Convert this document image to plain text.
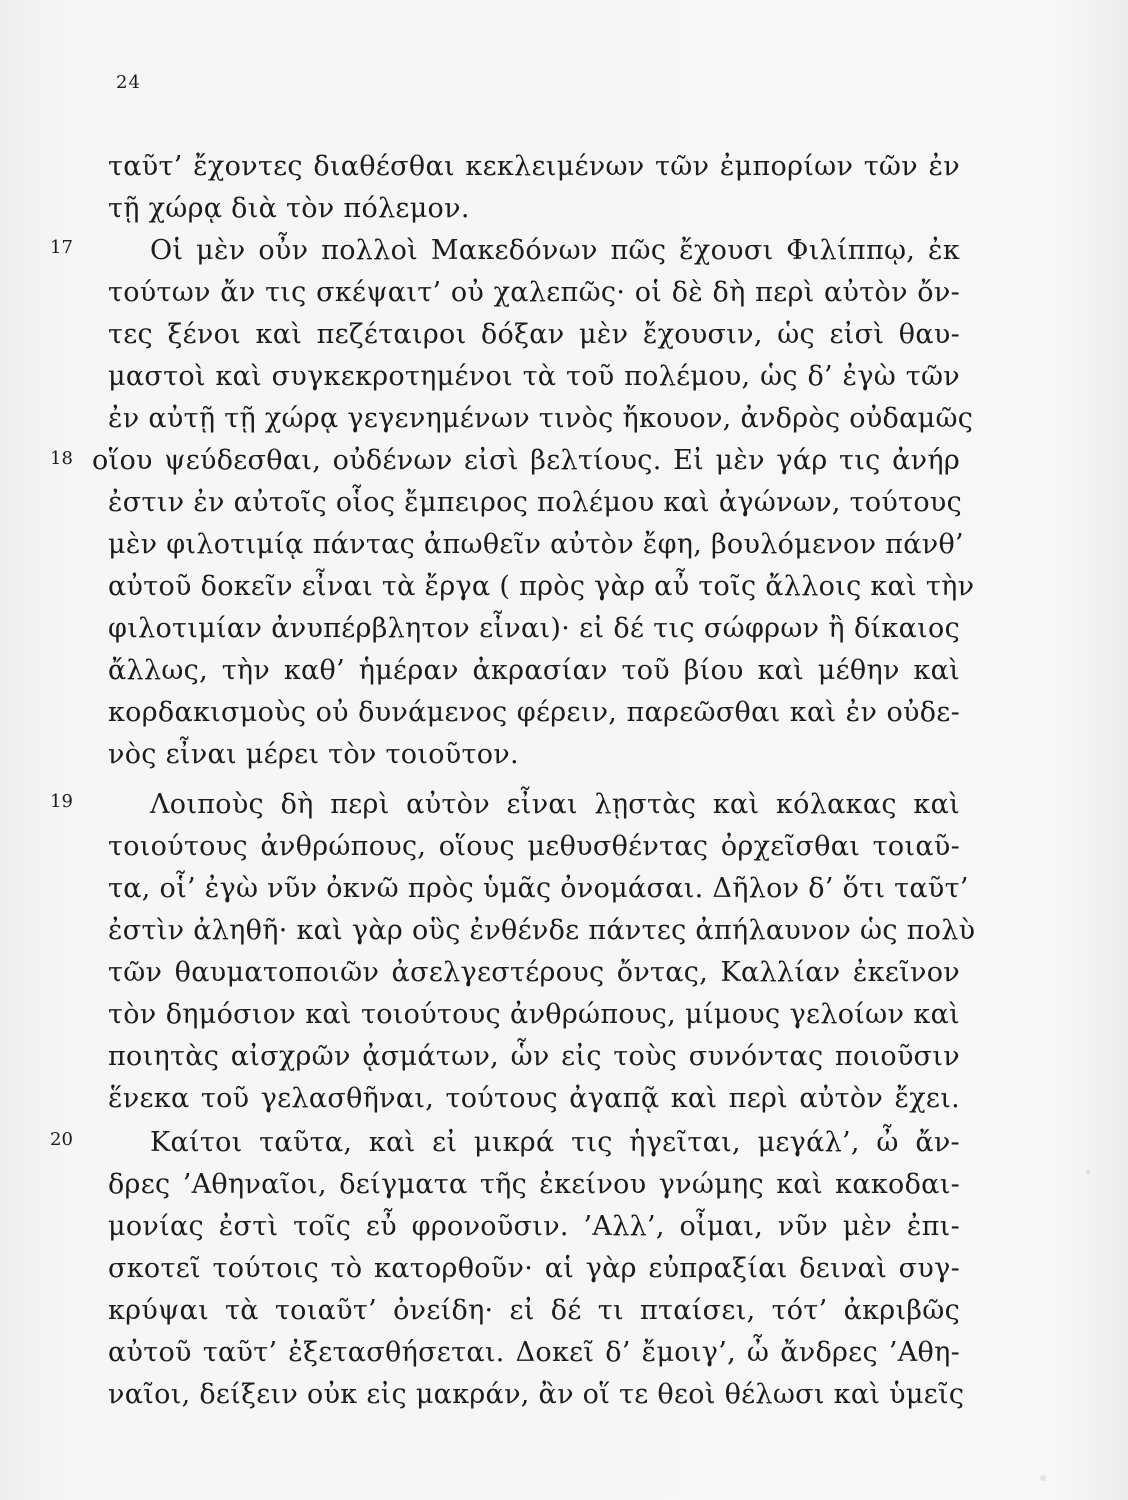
24
ταῦτ’ ἔχοντες διαθέσθαι κεκλειμένων τῶν ἐμπορίων τῶν ἐν
τῇ χώρᾳ διὰ τὸν πόλεμον.
17	Οἱ μὲν οὖν πολλοὶ Μακεδόνων πῶς ἔχουσι Φιλίππῳ, ἐκ
τούτων ἄν τις σκέψαιτ’ οὐ χαλεπῶς· οἱ δὲ δὴ περὶ αὐτὸν ὄν-
τες ξένοι καὶ πεζέταιροι δόξαν μὲν ἔχουσιν, ὡς εἰσὶ θαυ-
μαστοὶ καὶ συγκεκροτημένοι τὰ τοῦ πολέμου, ὡς δ’ ἐγὼ τῶν
ἐν αὐτῇ τῇ χώρᾳ γεγενημένων τινὸς ἤκουον, ἀνδρὸς οὐδαμῶς
18 οἵου ψεύδεσθαι, οὐδένων εἰσὶ βελτίους. Εἰ μὲν γάρ τις ἀνήρ
ἐστιν ἐν αὐτοῖς οἷος ἔμπειρος πολέμου καὶ ἀγώνων, τούτους
μὲν φιλοτιμίᾳ πάντας ἀπωθεῖν αὐτὸν ἔφη, βουλόμενον πάνθ’
αὐτοῦ δοκεῖν εἶναι τὰ ἔργα ( πρὸς γὰρ αὖ τοῖς ἄλλοις καὶ τὴν
φιλοτιμίαν ἀνυπέρβλητον εἶναι)· εἰ δέ τις σώφρων ἢ δίκαιος
ἄλλως, τὴν καθ’ ἡμέραν ἀκρασίαν τοῦ βίου καὶ μέθην καὶ
κορδακισμοὺς οὐ δυνάμενος φέρειν, παρεῶσθαι καὶ ἐν οὐδε-
νὸς εἶναι μέρει τὸν τοιοῦτον.
19	Λοιποὺς δὴ περὶ αὐτὸν εἶναι λῃστὰς καὶ κόλακας καὶ
τοιούτους ἀνθρώπους, οἵους μεθυσθέντας ὀρχεῖσθαι τοιαῦ-
τα, οἷ’ ἐγὼ νῦν ὀκνῶ πρὸς ὑμᾶς ὀνομάσαι. Δῆλον δ’ ὅτι ταῦτ’
ἐστὶν ἀληθῆ· καὶ γὰρ οὓς ἐνθένδε πάντες ἀπήλαυνον ὡς πολὺ
τῶν θαυματοποιῶν ἀσελγεστέρους ὄντας, Καλλίαν ἐκεῖνον
τὸν δημόσιον καὶ τοιούτους ἀνθρώπους, μίμους γελοίων καὶ
ποιητὰς αἰσχρῶν ᾀσμάτων, ὧν εἰς τοὺς συνόντας ποιοῦσιν
ἕνεκα τοῦ γελασθῆναι, τούτους ἀγαπᾷ καὶ περὶ αὐτὸν ἔχει.
20	Καίτοι ταῦτα, καὶ εἰ μικρά τις ἡγεῖται, μεγάλ’, ὦ ἄν-
δρες ’Αθηναῖοι, δείγματα τῆς ἐκείνου γνώμης καὶ κακοδαι-
μονίας ἐστὶ τοῖς εὖ φρονοῦσιν. ’Αλλ’, οἶμαι, νῦν μὲν ἐπι-
σκοτεῖ τούτοις τὸ κατορθοῦν· αἱ γὰρ εὐπραξίαι δειναὶ συγ-
κρύψαι τὰ τοιαῦτ’ ὀνείδη· εἰ δέ τι πταίσει, τότ’ ἀκριβῶς
αὐτοῦ ταῦτ’ ἐξετασθήσεται. Δοκεῖ δ’ ἔμοιγ’, ὦ ἄνδρες ’Αθη-
ναῖοι, δείξειν οὐκ εἰς μακράν, ἂν οἵ τε θεοὶ θέλωσι καὶ ὑμεῖς
